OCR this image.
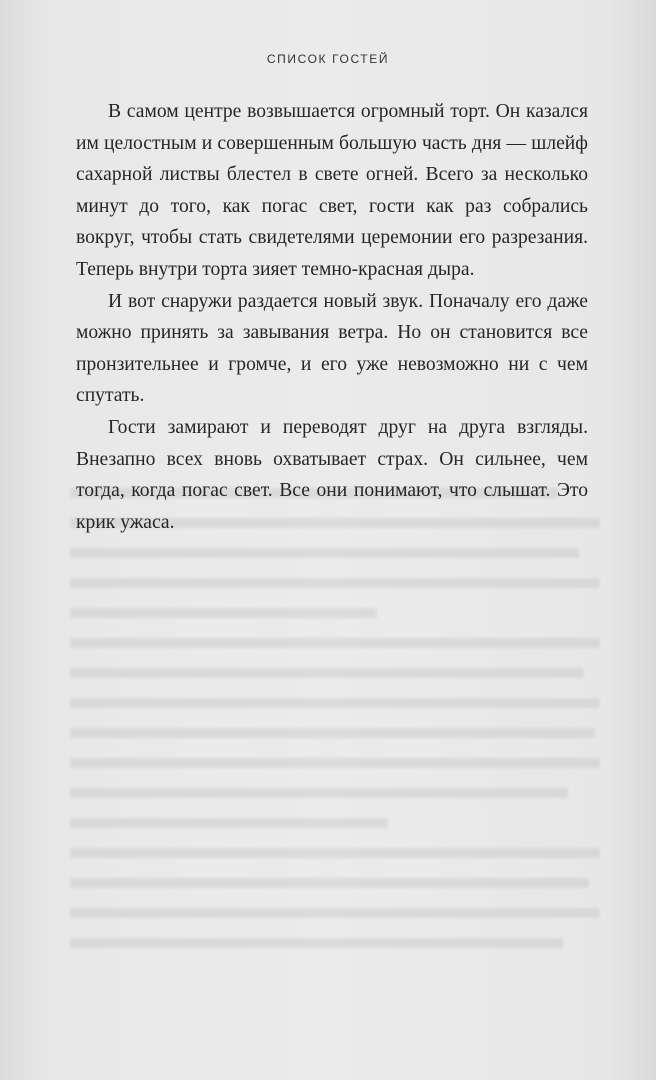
СПИСОК ГОСТЕЙ

В самом центре возвышается огромный торт. Он казался им целостным и совершенным большую часть дня — шлейф сахарной листвы блестел в свете огней. Всего за несколько минут до того, как погас свет, гости как раз собрались вокруг, чтобы стать свидетелями церемонии его разрезания. Теперь внутри торта зияет темно-красная дыра.

И вот снаружи раздается новый звук. Поначалу его даже можно принять за завывания ветра. Но он становится все пронзительнее и громче, и его уже невозможно ни с чем спутать.

Гости замирают и переводят друг на друга взгляды. Внезапно всех вновь охватывает страх. Он сильнее, чем тогда, когда погас свет. Все они понимают, что слышат. Это крик ужаса.
